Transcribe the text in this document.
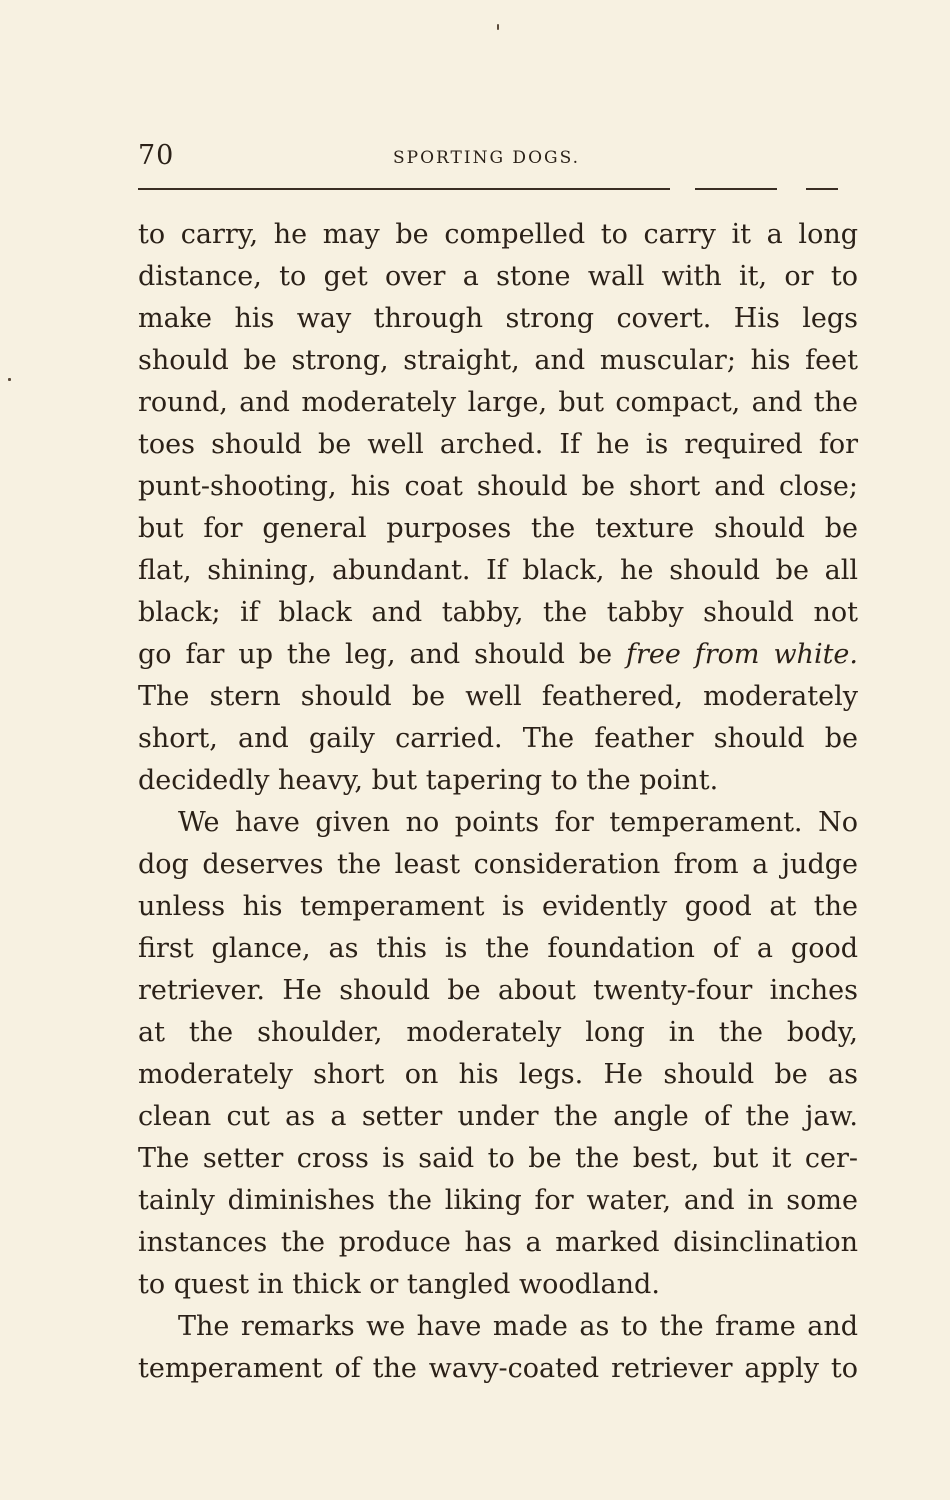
70	SPORTING DOGS.
to carry, he may be compelled to carry it a long
distance, to get over a stone wall with it, or to
make his way through strong covert. His legs
should be strong, straight, and muscular; his feet
round, and moderately large, but compact, and the
toes should be well arched. If he is required for
punt-shooting, his coat should be short and close;
but for general purposes the texture should be
flat, shining, abundant. If black, he should be all
black; if black and tabby, the tabby should not
go far up the leg, and should be free from white.
The stern should be well feathered, moderately
short, and gaily carried. The feather should be
decidedly heavy, but tapering to the point.
We have given no points for temperament. No
dog deserves the least consideration from a judge
unless his temperament is evidently good at the
first glance, as this is the foundation of a good
retriever. He should be about twenty-four inches
at the shoulder, moderately long in the body,
moderately short on his legs. He should be as
clean cut as a setter under the angle of the jaw.
The setter cross is said to be the best, but it cer-
tainly diminishes the liking for water, and in some
instances the produce has a marked disinclination
to quest in thick or tangled woodland.
The remarks we have made as to the frame and
temperament of the wavy-coated retriever apply to
